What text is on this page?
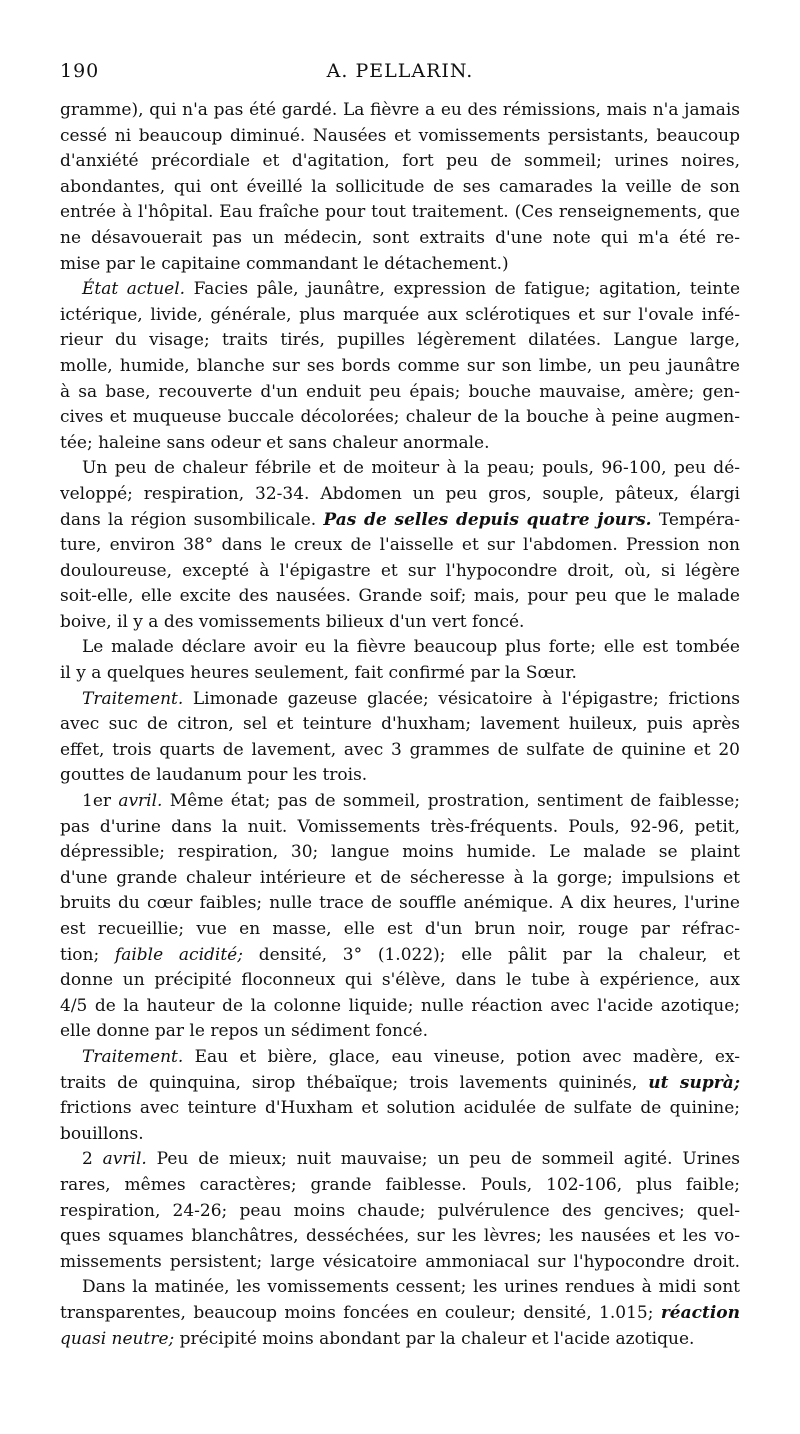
190	A. PELLARIN.
gramme), qui n'a pas été gardé. La fièvre a eu des rémissions, mais n'a jamais
cessé ni beaucoup diminué. Nausées et vomissements persistants, beaucoup
d'anxiété précordiale et d'agitation, fort peu de sommeil; urines noires,
abondantes, qui ont éveillé la sollicitude de ses camarades la veille de son
entrée à l'hôpital. Eau fraîche pour tout traitement. (Ces renseignements, que
ne désavouerait pas un médecin, sont extraits d'une note qui m'a été re-
mise par le capitaine commandant le détachement.)
État actuel. Facies pâle, jaunâtre, expression de fatigue; agitation, teinte
ictérique, livide, générale, plus marquée aux sclérotiques et sur l'ovale infé-
rieur du visage; traits tirés, pupilles légèrement dilatées. Langue large,
molle, humide, blanche sur ses bords comme sur son limbe, un peu jaunâtre
à sa base, recouverte d'un enduit peu épais; bouche mauvaise, amère; gen-
cives et muqueuse buccale décolorées; chaleur de la bouche à peine augmen-
tée; haleine sans odeur et sans chaleur anormale.
Un peu de chaleur fébrile et de moiteur à la peau; pouls, 96-100, peu dé-
veloppé; respiration, 32-34. Abdomen un peu gros, souple, pâteux, élargi
dans la région susombilicale. Pas de selles depuis quatre jours. Tempéra-
ture, environ 38° dans le creux de l'aisselle et sur l'abdomen. Pression non
douloureuse, excepté à l'épigastre et sur l'hypocondre droit, où, si légère
soit-elle, elle excite des nausées. Grande soif; mais, pour peu que le malade
boive, il y a des vomissements bilieux d'un vert foncé.
Le malade déclare avoir eu la fièvre beaucoup plus forte; elle est tombée
il y a quelques heures seulement, fait confirmé par la Sœur.
Traitement. Limonade gazeuse glacée; vésicatoire à l'épigastre; frictions
avec suc de citron, sel et teinture d'huxham; lavement huileux, puis après
effet, trois quarts de lavement, avec 3 grammes de sulfate de quinine et 20
gouttes de laudanum pour les trois.
1er avril. Même état; pas de sommeil, prostration, sentiment de faiblesse;
pas d'urine dans la nuit. Vomissements très-fréquents. Pouls, 92-96, petit,
dépressible; respiration, 30; langue moins humide. Le malade se plaint
d'une grande chaleur intérieure et de sécheresse à la gorge; impulsions et
bruits du cœur faibles; nulle trace de souffle anémique. A dix heures, l'urine
est recueillie; vue en masse, elle est d'un brun noir, rouge par réfrac-
tion; faible acidité; densité, 3° (1.022); elle pâlit par la chaleur, et
donne un précipité floconneux qui s'élève, dans le tube à expérience, aux
4/5 de la hauteur de la colonne liquide; nulle réaction avec l'acide azotique;
elle donne par le repos un sédiment foncé.
Traitement. Eau et bière, glace, eau vineuse, potion avec madère, ex-
traits de quinquina, sirop thébaïque; trois lavements quininés, ut suprà;
frictions avec teinture d'Huxham et solution acidulée de sulfate de quinine;
bouillons.
2 avril. Peu de mieux; nuit mauvaise; un peu de sommeil agité. Urines
rares, mêmes caractères; grande faiblesse. Pouls, 102-106, plus faible;
respiration, 24-26; peau moins chaude; pulvérulence des gencives; quel-
ques squames blanchâtres, desséchées, sur les lèvres; les nausées et les vo-
missements persistent; large vésicatoire ammoniacal sur l'hypocondre droit.
Dans la matinée, les vomissements cessent; les urines rendues à midi sont
transparentes, beaucoup moins foncées en couleur; densité, 1.015; réaction
quasi neutre; précipité moins abondant par la chaleur et l'acide azotique.
